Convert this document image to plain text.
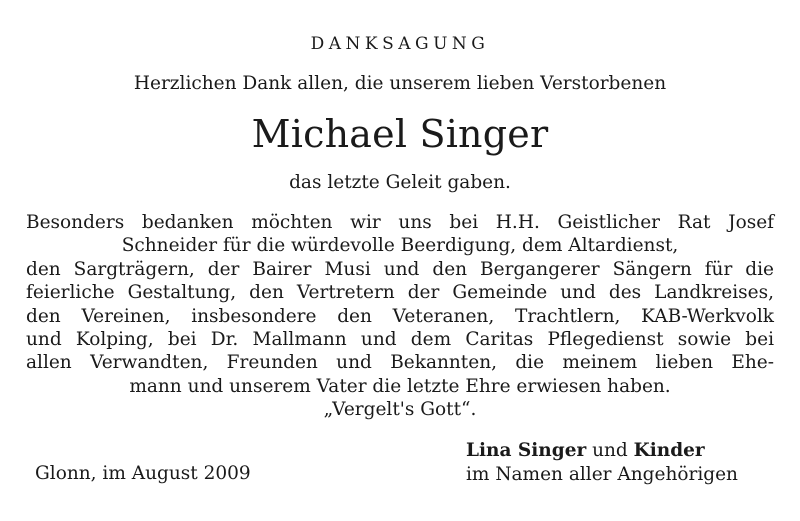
DANKSAGUNG
Herzlichen Dank allen, die unserem lieben Verstorbenen
Michael Singer
das letzte Geleit gaben.
Besonders bedanken möchten wir uns bei H.H. Geistlicher Rat Josef
Schneider für die würdevolle Beerdigung, dem Altardienst,
den Sargträgern, der Bairer Musi und den Bergangerer Sängern für die
feierliche Gestaltung, den Vertretern der Gemeinde und des Landkreises,
den Vereinen, insbesondere den Veteranen, Trachtlern, KAB-Werkvolk
und Kolping, bei Dr. Mallmann und dem Caritas Pflegedienst sowie bei
allen Verwandten, Freunden und Bekannten, die meinem lieben Ehe-
mann und unserem Vater die letzte Ehre erwiesen haben.
„Vergelt's Gott“.
Glonn, im August 2009
Lina Singer und Kinder
im Namen aller Angehörigen
